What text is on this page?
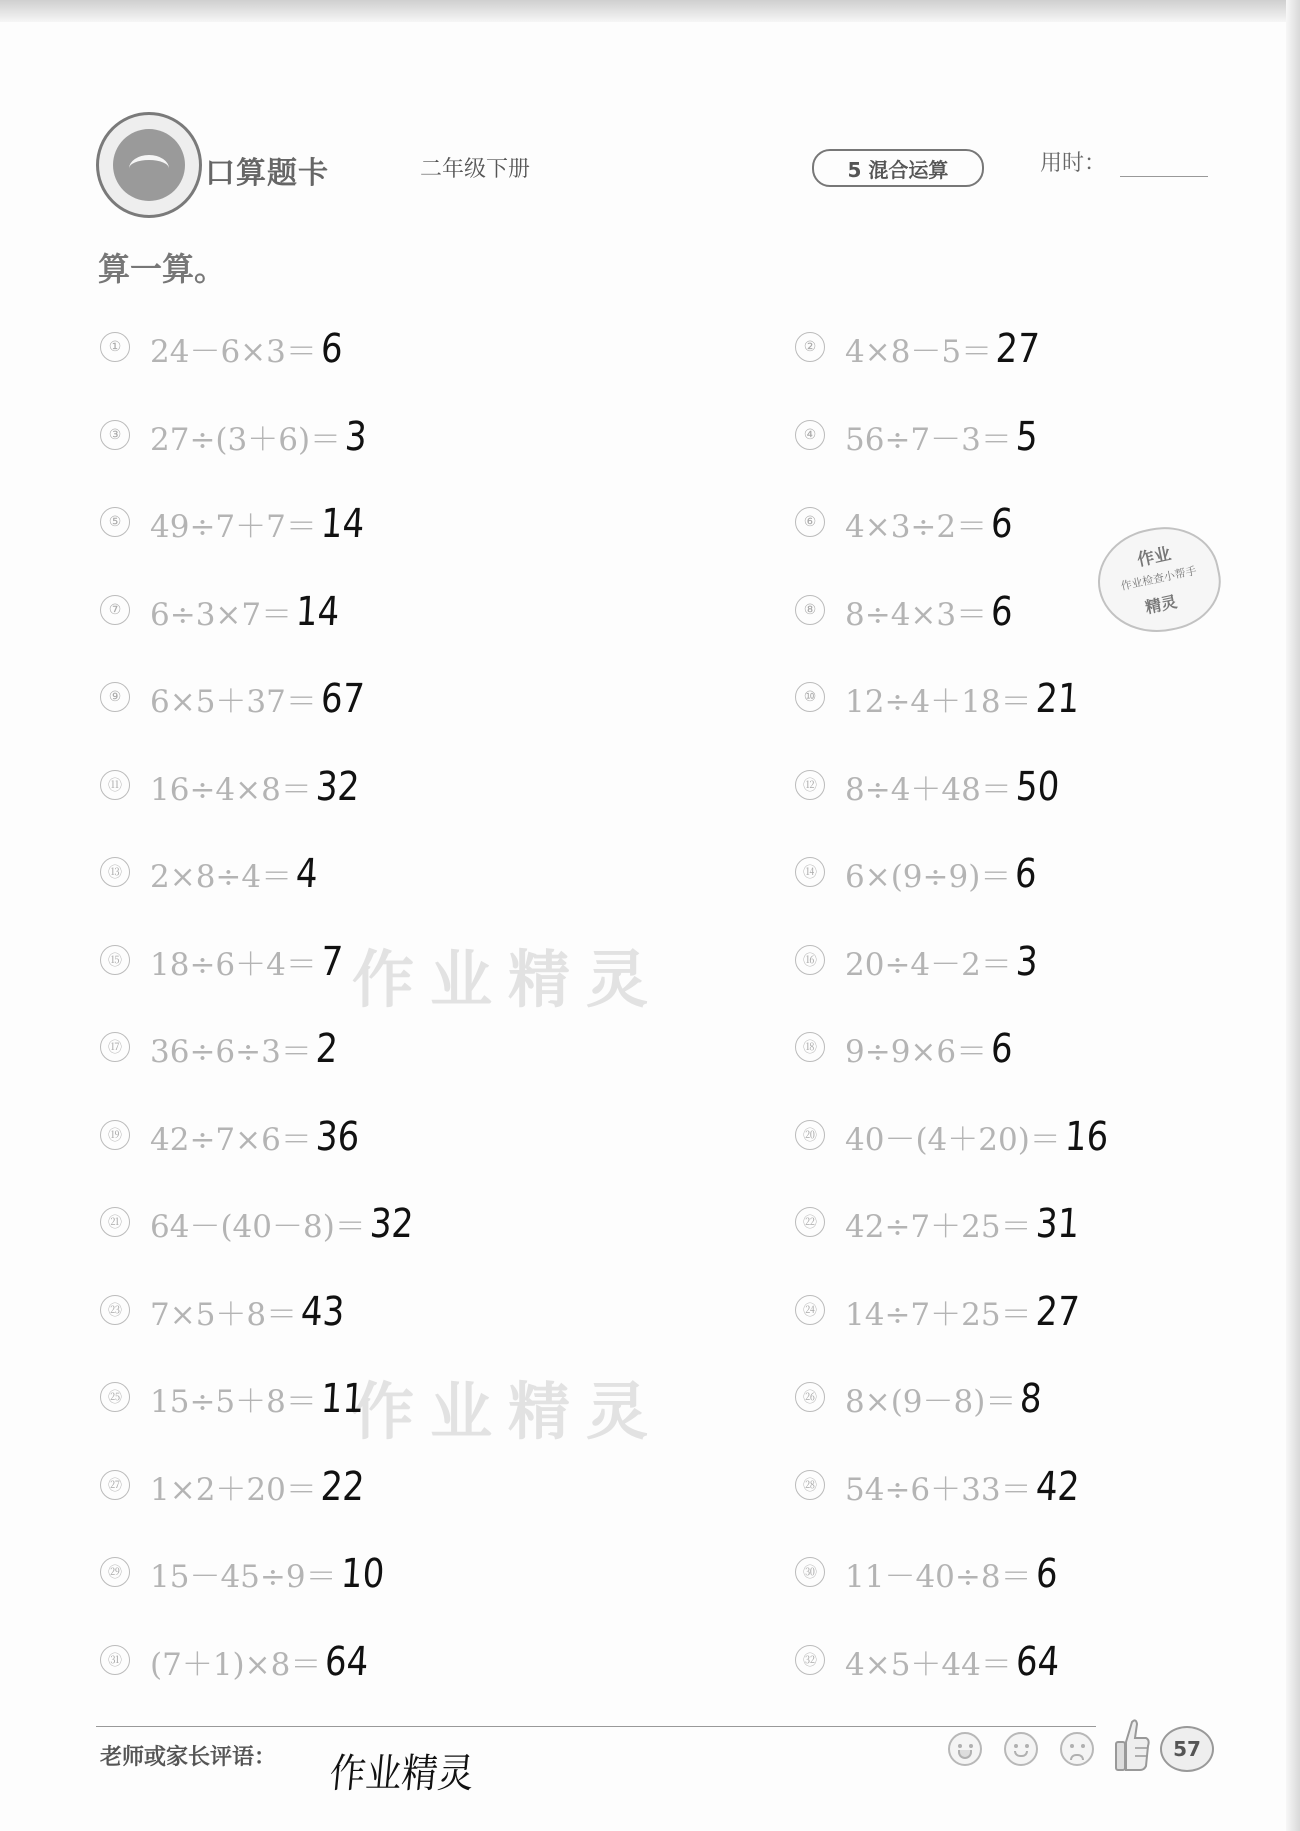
口算题卡	二年级下册	5 混合运算	用时：
算一算。
作业精灵
作业精灵
作业
作业检查小帮手
精灵
① 24－6×3＝6	② 4×8－5＝27
③ 27÷(3＋6)＝3	④ 56÷7－3＝5
⑤ 49÷7＋7＝14	⑥ 4×3÷2＝6
⑦ 6÷3×7＝14	⑧ 8÷4×3＝6
⑨ 6×5＋37＝67	⑩ 12÷4＋18＝21
⑪ 16÷4×8＝32	⑫ 8÷4＋48＝50
⑬ 2×8÷4＝4	⑭ 6×(9÷9)＝6
⑮ 18÷6＋4＝7	⑯ 20÷4－2＝3
⑰ 36÷6÷3＝2	⑱ 9÷9×6＝6
⑲ 42÷7×6＝36	⑳ 40－(4＋20)＝16
㉑ 64－(40－8)＝32	㉒ 42÷7＋25＝31
㉓ 7×5＋8＝43	㉔ 14÷7＋25＝27
㉕ 15÷5＋8＝11	㉖ 8×(9－8)＝8
㉗ 1×2＋20＝22	㉘ 54÷6＋33＝42
㉙ 15－45÷9＝10	㉚ 11－40÷8＝6
㉛ (7＋1)×8＝64	㉜ 4×5＋44＝64
老师或家长评语： 作业精灵
57
